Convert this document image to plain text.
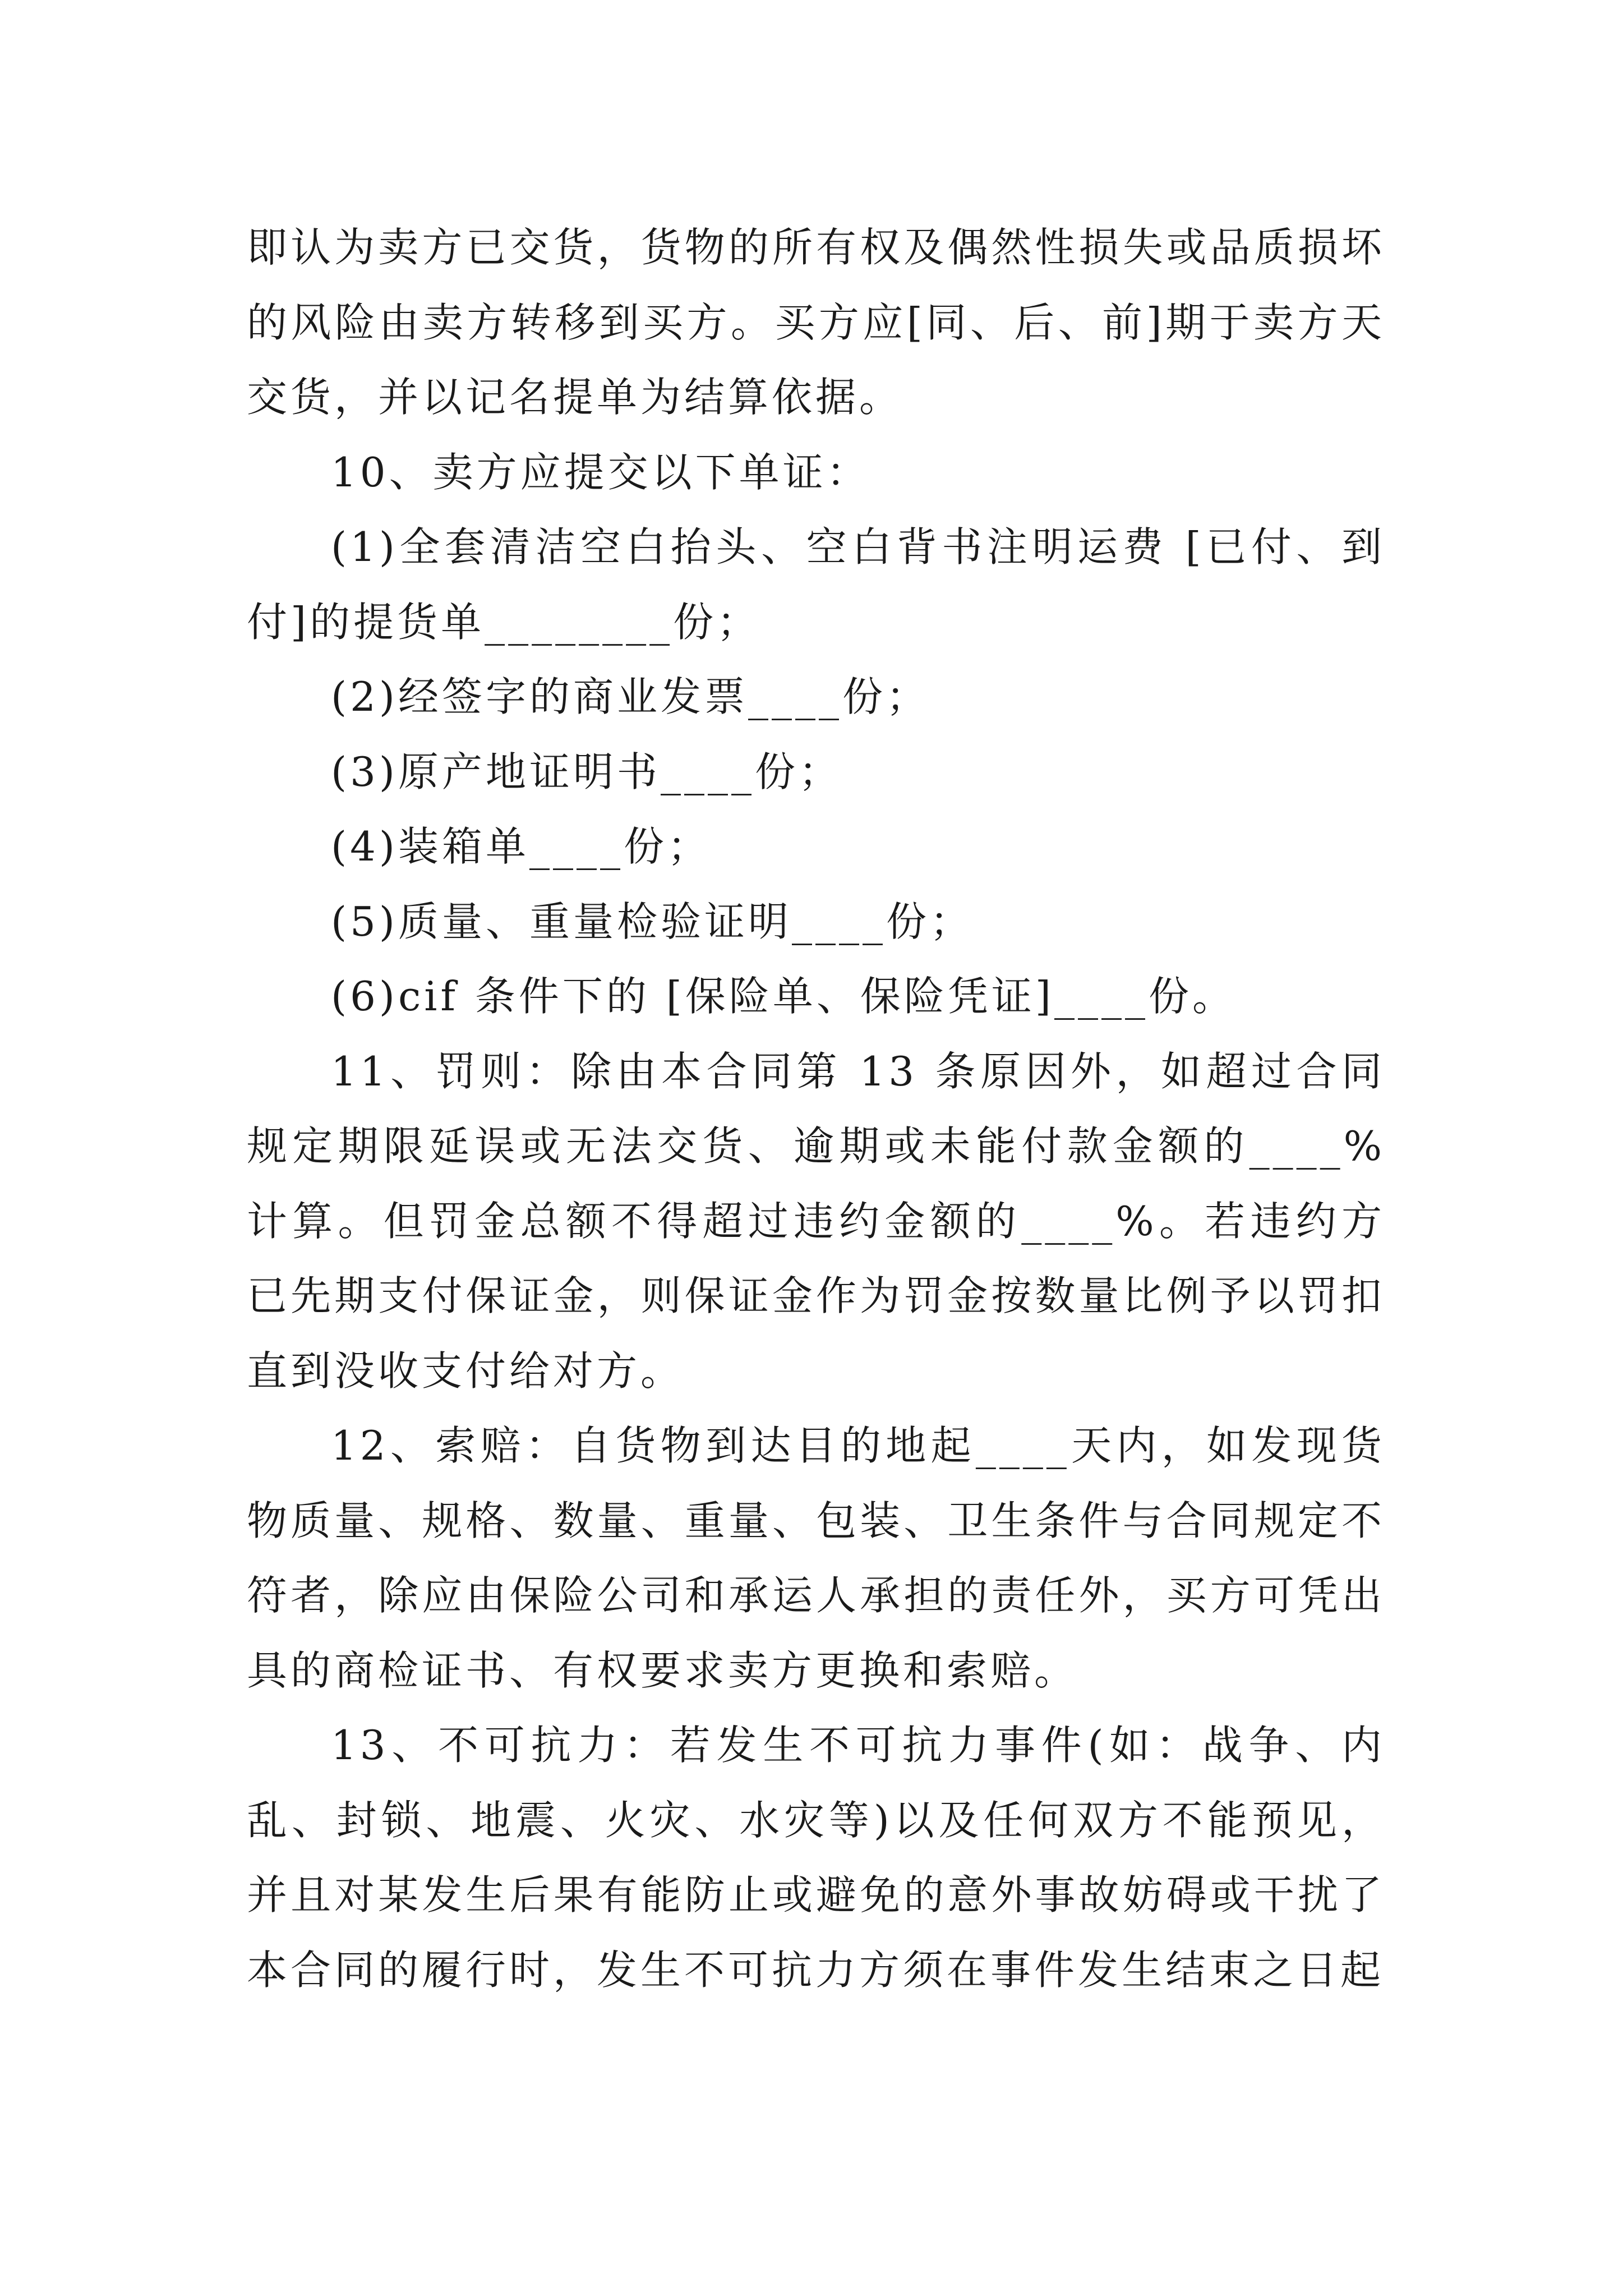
即认为卖方已交货，货物的所有权及偶然性损失或品质损坏的风险由卖方转移到买方。买方应[同、后、前]期于卖方天交货，并以记名提单为结算依据。

10、卖方应提交以下单证：

(1)全套清洁空白抬头、空白背书注明运费 [已付、到付]的提货单________份；

(2)经签字的商业发票____份；

(3)原产地证明书____份；

(4)装箱单____份；

(5)质量、重量检验证明____份；

(6)cif 条件下的 [保险单、保险凭证]____份。

11、罚则：除由本合同第 13 条原因外，如超过合同规定期限延误或无法交货、逾期或未能付款金额的____%计算。但罚金总额不得超过违约金额的____%。若违约方已先期支付保证金，则保证金作为罚金按数量比例予以罚扣直到没收支付给对方。

12、索赔：自货物到达目的地起____天内，如发现货物质量、规格、数量、重量、包装、卫生条件与合同规定不符者，除应由保险公司和承运人承担的责任外，买方可凭出具的商检证书、有权要求卖方更换和索赔。

13、不可抗力：若发生不可抗力事件(如：战争、内乱、封锁、地震、火灾、水灾等)以及任何双方不能预见，并且对某发生后果有能防止或避免的意外事故妨碍或干扰了本合同的履行时，发生不可抗力方须在事件发生结束之日起
